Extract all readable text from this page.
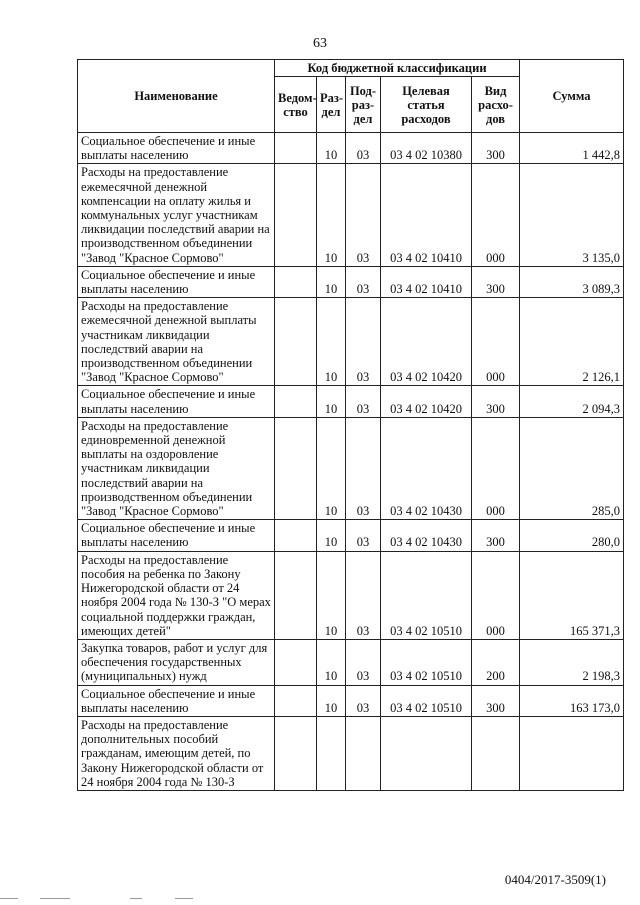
63
Наименование	Код бюджетной классификации					Сумма
	Ведом-ство	Раз-дел	Под-раз-дел	Целевая статья расходов	Вид расхо-дов	
Социальное обеспечение и иные выплаты населению		10	03	03 4 02 10380	300	1 442,8
Расходы на предоставление ежемесячной денежной компенсации на оплату жилья и коммунальных услуг участникам ликвидации последствий аварии на производственном объединении "Завод "Красное Сормово"		10	03	03 4 02 10410	000	3 135,0
Социальное обеспечение и иные выплаты населению		10	03	03 4 02 10410	300	3 089,3
Расходы на предоставление ежемесячной денежной выплаты участникам ликвидации последствий аварии на производственном объединении "Завод "Красное Сормово"		10	03	03 4 02 10420	000	2 126,1
Социальное обеспечение и иные выплаты населению		10	03	03 4 02 10420	300	2 094,3
Расходы на предоставление единовременной денежной выплаты на оздоровление участникам ликвидации последствий аварии на производственном объединении "Завод "Красное Сормово"		10	03	03 4 02 10430	000	285,0
Социальное обеспечение и иные выплаты населению		10	03	03 4 02 10430	300	280,0
Расходы на предоставление пособия на ребенка по Закону Нижегородской области от 24 ноября 2004 года № 130-З "О мерах социальной поддержки граждан, имеющих детей"		10	03	03 4 02 10510	000	165 371,3
Закупка товаров, работ и услуг для обеспечения государственных (муниципальных) нужд		10	03	03 4 02 10510	200	2 198,3
Социальное обеспечение и иные выплаты населению		10	03	03 4 02 10510	300	163 173,0
Расходы на предоставление дополнительных пособий гражданам, имеющим детей, по Закону Нижегородской области от 24 ноября 2004 года № 130-З						
0404/2017-3509(1)
